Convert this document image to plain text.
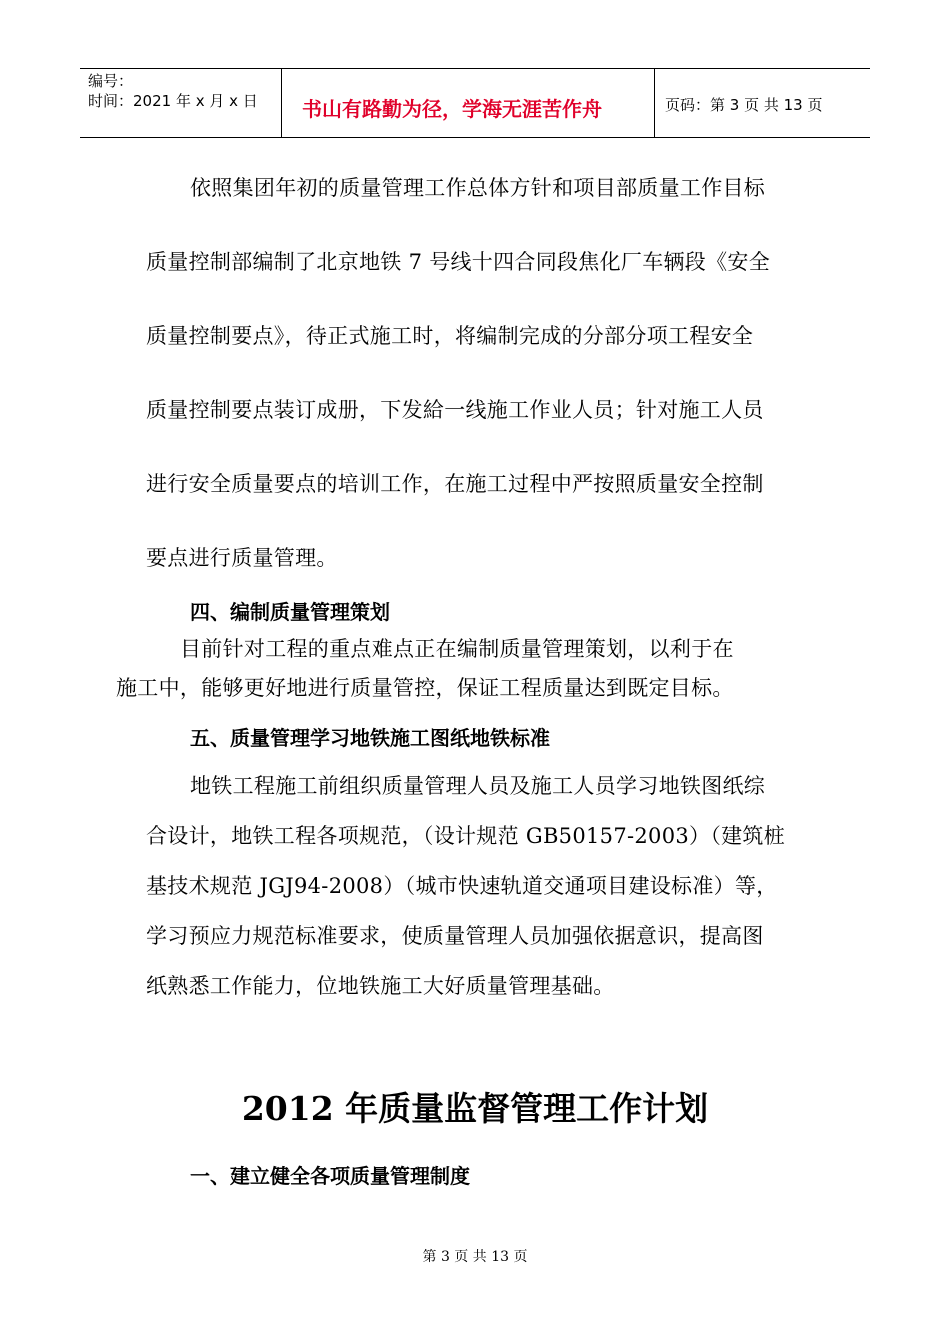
编号：
时间：2021 年 x 月 x 日 书山有路勤为径，学海无涯苦作舟	页码：第 3 页 共 13 页
依照集团年初的质量管理工作总体方针和项目部质量工作目标
质量控制部编制了北京地铁 7 号线十四合同段焦化厂车辆段《安全
质量控制要点》，待正式施工时，将编制完成的分部分项工程安全
质量控制要点装订成册，下发給一线施工作业人员；针对施工人员
进行安全质量要点的培训工作，在施工过程中严按照质量安全控制
要点进行质量管理。
四、编制质量管理策划
目前针对工程的重点难点正在编制质量管理策划，以利于在
施工中，能够更好地进行质量管控，保证工程质量达到既定目标。
五、质量管理学习地铁施工图纸地铁标准
地铁工程施工前组织质量管理人员及施工人员学习地铁图纸综
合设计，地铁工程各项规范，（设计规范 GB50157-2003）（建筑桩
基技术规范 JGJ94-2008）（城市快速轨道交通项目建设标准）等，
学习预应力规范标准要求，使质量管理人员加强依据意识，提高图
纸熟悉工作能力，位地铁施工大好质量管理基础。
2012 年质量监督管理工作计划
一、建立健全各项质量管理制度
第 3 页 共 13 页
